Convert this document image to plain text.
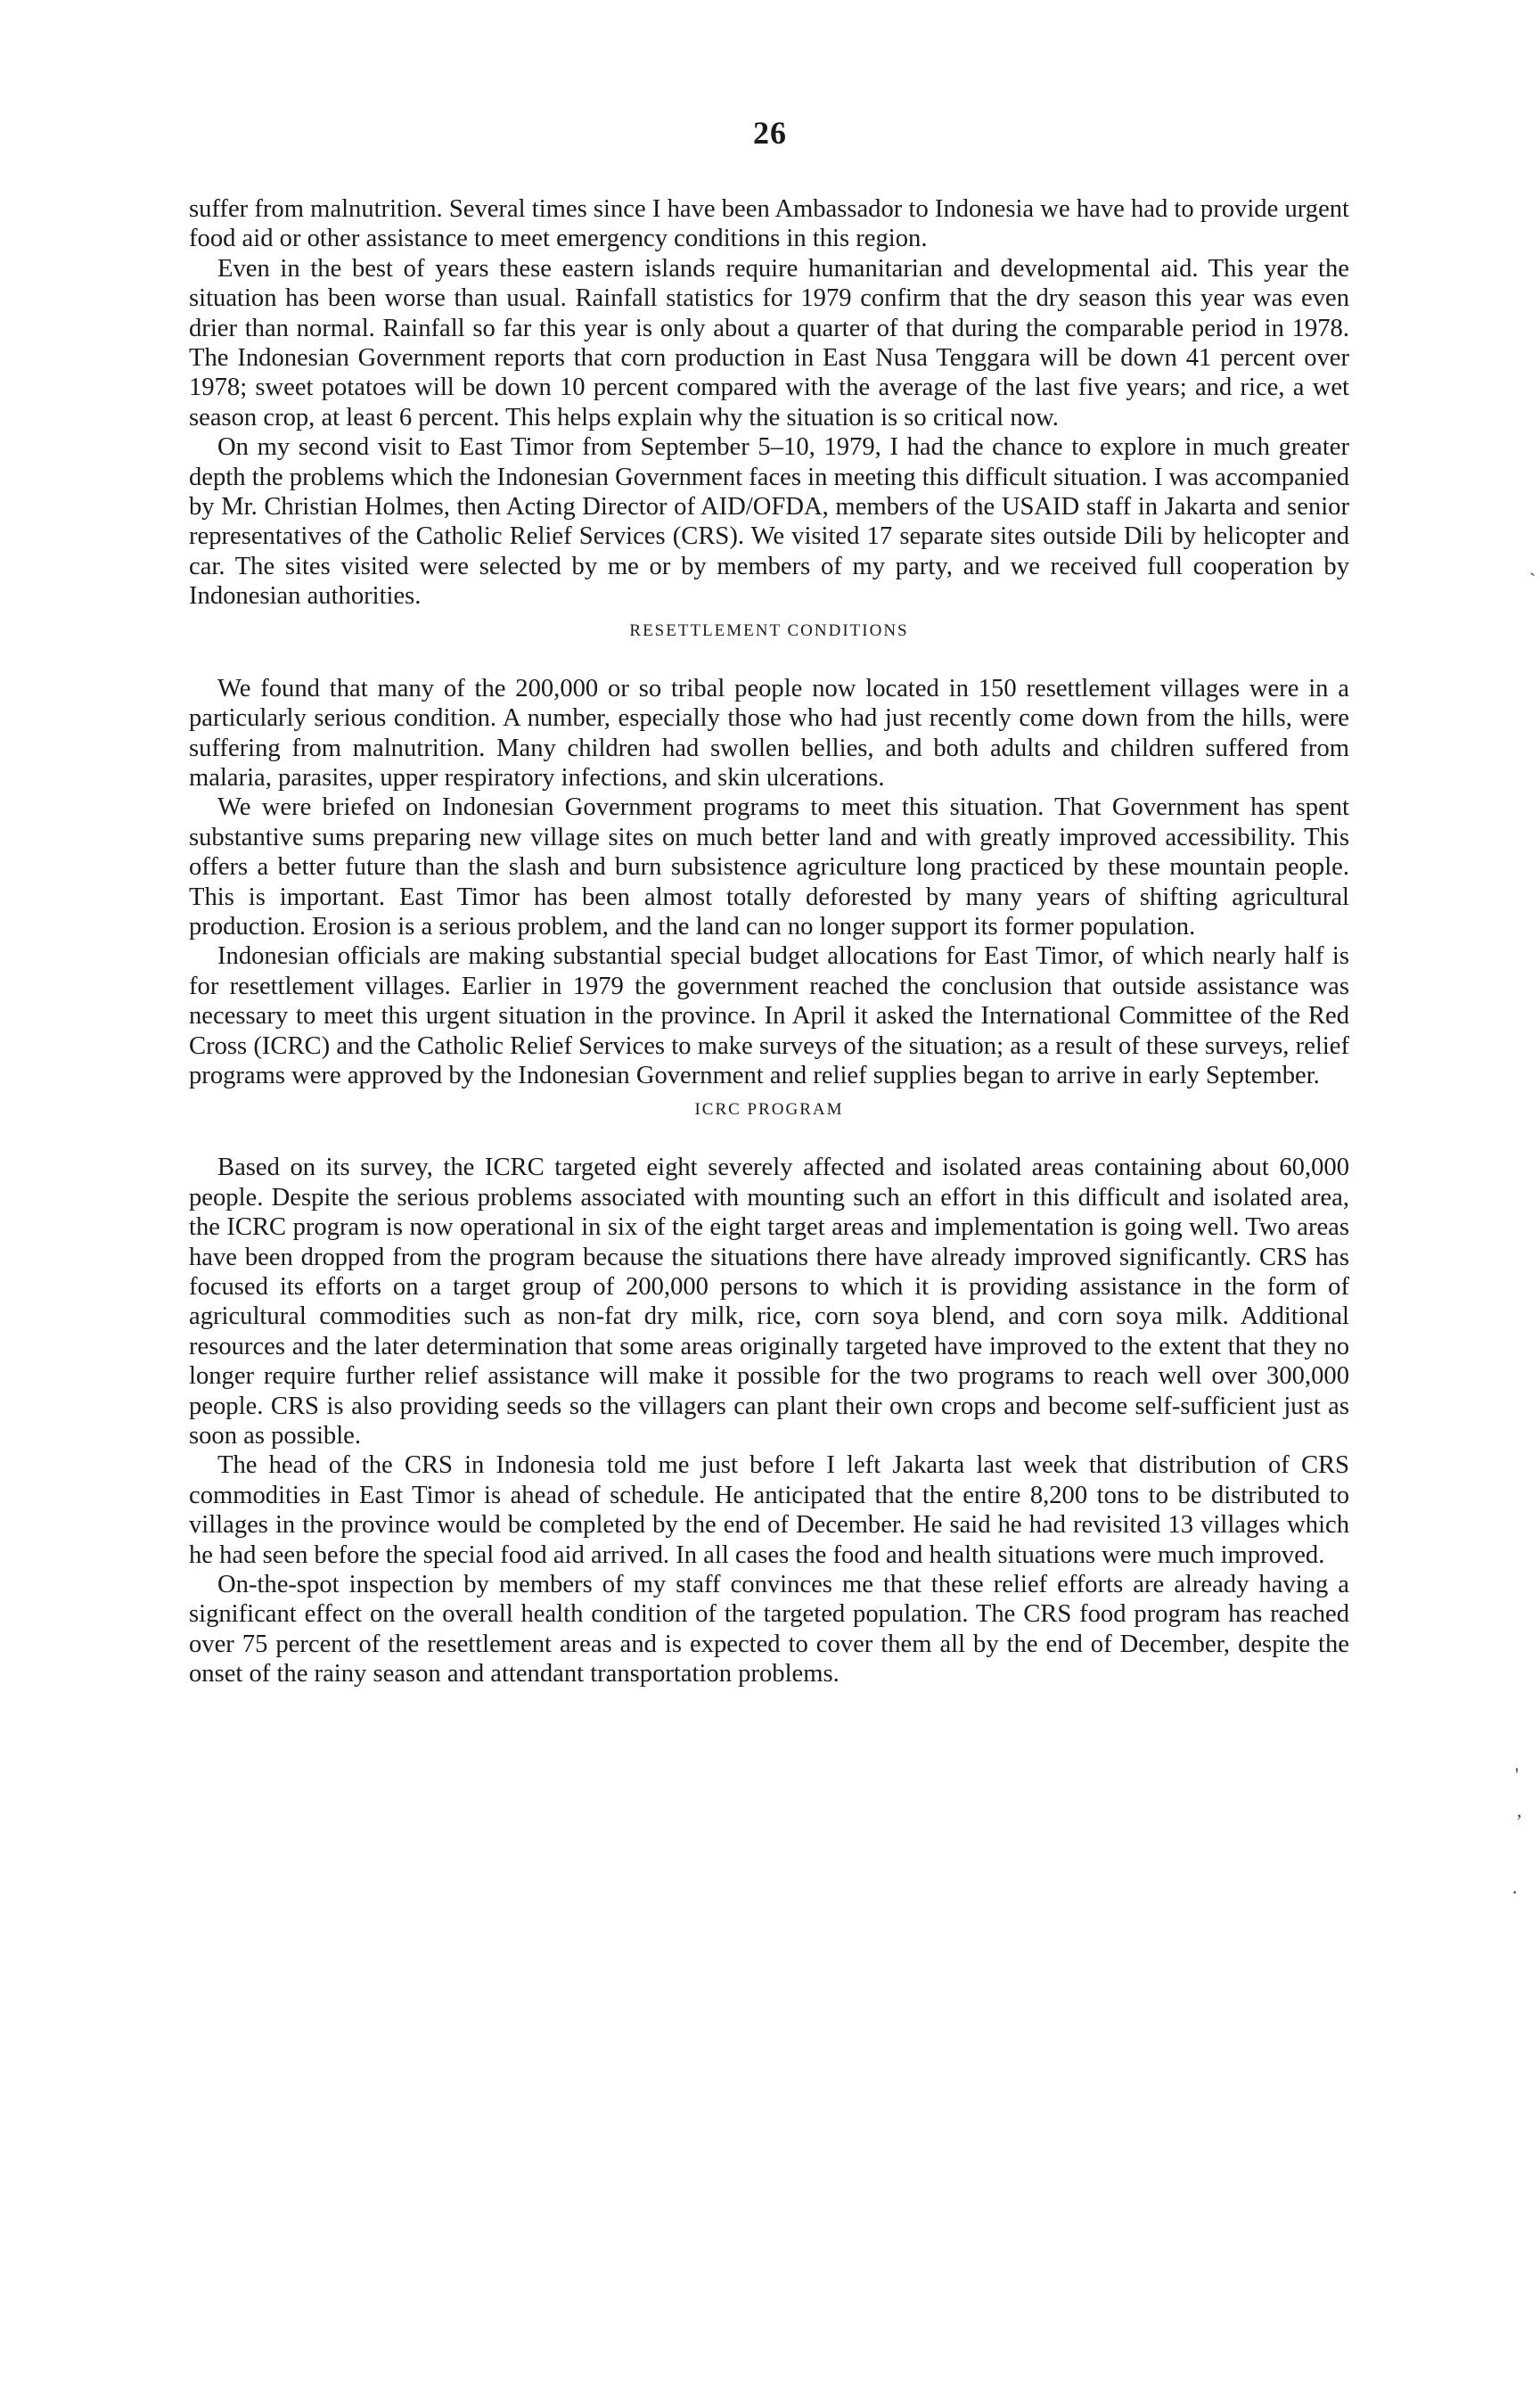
26

suffer from malnutrition. Several times since I have been Ambassador to Indonesia we have had to provide urgent food aid or other assistance to meet emergency conditions in this region.

Even in the best of years these eastern islands require humanitarian and developmental aid. This year the situation has been worse than usual. Rainfall statistics for 1979 confirm that the dry season this year was even drier than normal. Rainfall so far this year is only about a quarter of that during the comparable period in 1978. The Indonesian Government reports that corn production in East Nusa Tenggara will be down 41 percent over 1978; sweet potatoes will be down 10 percent compared with the average of the last five years; and rice, a wet season crop, at least 6 percent. This helps explain why the situation is so critical now.

On my second visit to East Timor from September 5–10, 1979, I had the chance to explore in much greater depth the problems which the Indonesian Government faces in meeting this difficult situation. I was accompanied by Mr. Christian Holmes, then Acting Director of AID/OFDA, members of the USAID staff in Jakarta and senior representatives of the Catholic Relief Services (CRS). We visited 17 separate sites outside Dili by helicopter and car. The sites visited were selected by me or by members of my party, and we received full cooperation by Indonesian authorities.

RESETTLEMENT CONDITIONS

We found that many of the 200,000 or so tribal people now located in 150 resettlement villages were in a particularly serious condition. A number, especially those who had just recently come down from the hills, were suffering from malnutrition. Many children had swollen bellies, and both adults and children suffered from malaria, parasites, upper respiratory infections, and skin ulcerations.

We were briefed on Indonesian Government programs to meet this situation. That Government has spent substantive sums preparing new village sites on much better land and with greatly improved accessibility. This offers a better future than the slash and burn subsistence agriculture long practiced by these mountain people. This is important. East Timor has been almost totally deforested by many years of shifting agricultural production. Erosion is a serious problem, and the land can no longer support its former population.

Indonesian officials are making substantial special budget allocations for East Timor, of which nearly half is for resettlement villages. Earlier in 1979 the government reached the conclusion that outside assistance was necessary to meet this urgent situation in the province. In April it asked the International Committee of the Red Cross (ICRC) and the Catholic Relief Services to make surveys of the situation; as a result of these surveys, relief programs were approved by the Indonesian Government and relief supplies began to arrive in early September.

ICRC PROGRAM

Based on its survey, the ICRC targeted eight severely affected and isolated areas containing about 60,000 people. Despite the serious problems associated with mounting such an effort in this difficult and isolated area, the ICRC program is now operational in six of the eight target areas and implementation is going well. Two areas have been dropped from the program because the situations there have already improved significantly. CRS has focused its efforts on a target group of 200,000 persons to which it is providing assistance in the form of agricultural commodities such as non-fat dry milk, rice, corn soya blend, and corn soya milk. Additional resources and the later determination that some areas originally targeted have improved to the extent that they no longer require further relief assistance will make it possible for the two programs to reach well over 300,000 people. CRS is also providing seeds so the villagers can plant their own crops and become self-sufficient just as soon as possible.

The head of the CRS in Indonesia told me just before I left Jakarta last week that distribution of CRS commodities in East Timor is ahead of schedule. He anticipated that the entire 8,200 tons to be distributed to villages in the province would be completed by the end of December. He said he had revisited 13 villages which he had seen before the special food aid arrived. In all cases the food and health situations were much improved.

On-the-spot inspection by members of my staff convinces me that these relief efforts are already having a significant effect on the overall health condition of the targeted population. The CRS food program has reached over 75 percent of the resettlement areas and is expected to cover them all by the end of December, despite the onset of the rainy season and attendant transportation problems.

`
'
,
·
